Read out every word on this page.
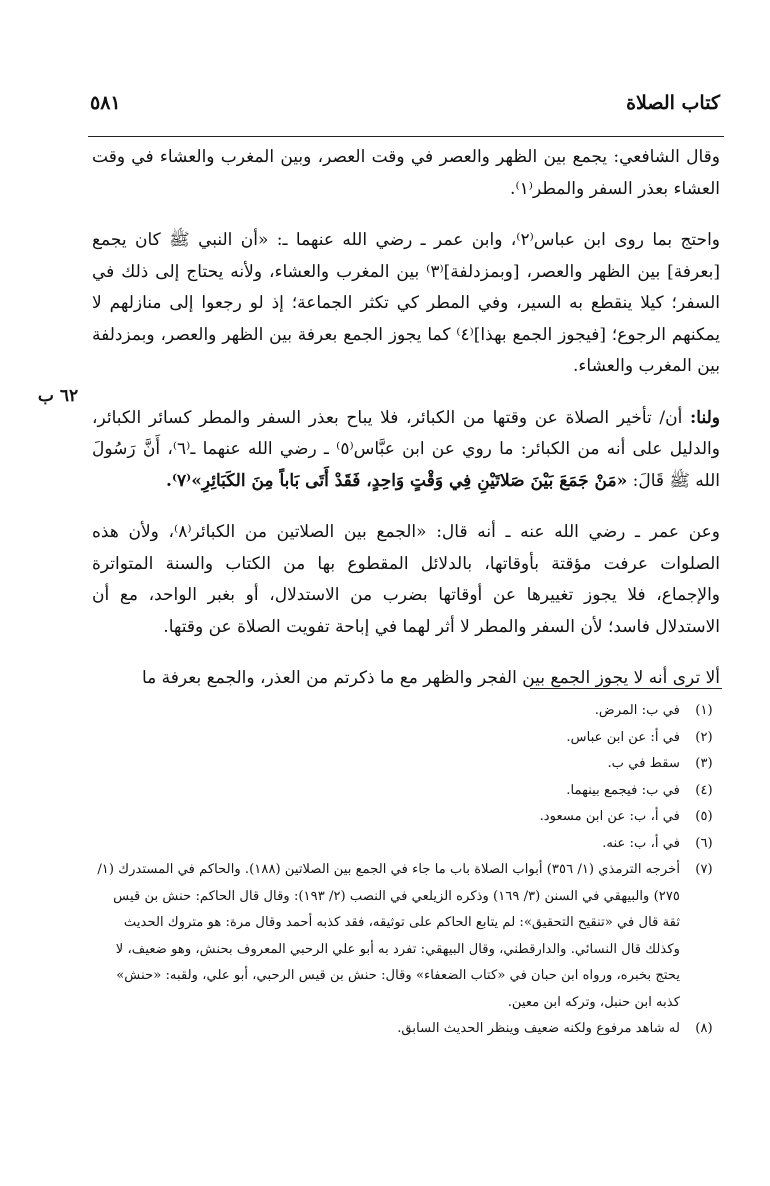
كتاب الصلاة
٥٨١
٦٢ ب

وقال الشافعي: يجمع بين الظهر والعصر في وقت العصر، وبين المغرب والعشاء في وقت العشاء بعذر السفر والمطر⁽١⁾.

واحتج بما روى ابن عباس⁽٢⁾، وابن عمر ـ رضي الله عنهما ـ: «أن النبي ﷺ كان يجمع [بعرفة] بين الظهر والعصر، [وبمزدلفة]⁽٣⁾ بين المغرب والعشاء، ولأنه يحتاج إلى ذلك في السفر؛ كيلا ينقطع به السير، وفي المطر كي تكثر الجماعة؛ إذ لو رجعوا إلى منازلهم لا يمكنهم الرجوع؛ [فيجوز الجمع بهذا]⁽٤⁾ كما يجوز الجمع بعرفة بين الظهر والعصر، وبمزدلفة بين المغرب والعشاء.

ولنا: أن/ تأخير الصلاة عن وقتها من الكبائر، فلا يباح بعذر السفر والمطر كسائر الكبائر، والدليل على أنه من الكبائر: ما روي عن ابن عبَّاس⁽٥⁾ ـ رضي الله عنهما ـ⁽٦⁾، أَنَّ رَسُولَ الله ﷺ قَالَ: «مَنْ جَمَعَ بَيْنَ صَلاتَيْنِ فِي وَقْتٍ وَاحِدٍ، فَقَدْ أَتَى بَاباً مِنَ الكَبَائِرِ»⁽٧⁾.

وعن عمر ـ رضي الله عنه ـ أنه قال: «الجمع بين الصلاتين من الكبائر⁽٨⁾، ولأن هذه الصلوات عرفت مؤقتة بأوقاتها، بالدلائل المقطوع بها من الكتاب والسنة المتواترة والإجماع، فلا يجوز تغييرها عن أوقاتها بضرب من الاستدلال، أو بغبر الواحد، مع أن الاستدلال فاسد؛ لأن السفر والمطر لا أثر لهما في إباحة تفويت الصلاة عن وقتها.

ألا ترى أنه لا يجوز الجمع بين الفجر والظهر مع ما ذكرتم من العذر، والجمع بعرفة ما

(١)
في ب: المرض.
(٢)
في أ: عن ابن عباس.
(٣)
سقط في ب.
(٤)
في ب: فيجمع بينهما.
(٥)
في أ، ب: عن ابن مسعود.
(٦)
في أ، ب: عنه.
(٧)
أخرجه الترمذي (١/ ٣٥٦) أبواب الصلاة باب ما جاء في الجمع بين الصلاتين (١٨٨). والحاكم في المستدرك (١/ ٢٧٥) والبيهقي في السنن (٣/ ١٦٩) وذكره الزيلعي في النصب (٢/ ١٩٣): وقال قال الحاكم: حنش بن قيس ثقة قال في «تنقيح التحقيق»: لم يتابع الحاكم على توثيقه، فقد كذبه أحمد وقال مرة: هو متروك الحديث وكذلك قال النسائي. والدارقطني، وقال البيهقي: تفرد به أبو علي الرحبي المعروف بحنش، وهو ضعيف، لا يحتج بخبره، ورواه ابن حبان في «كتاب الضعفاء» وقال: حنش بن قيس الرحبي، أبو علي، ولقبه: «حنش» كذبه ابن حنبل، وتركه ابن معين.
(٨)
له شاهد مرفوع ولكنه ضعيف وينظر الحديث السابق.
